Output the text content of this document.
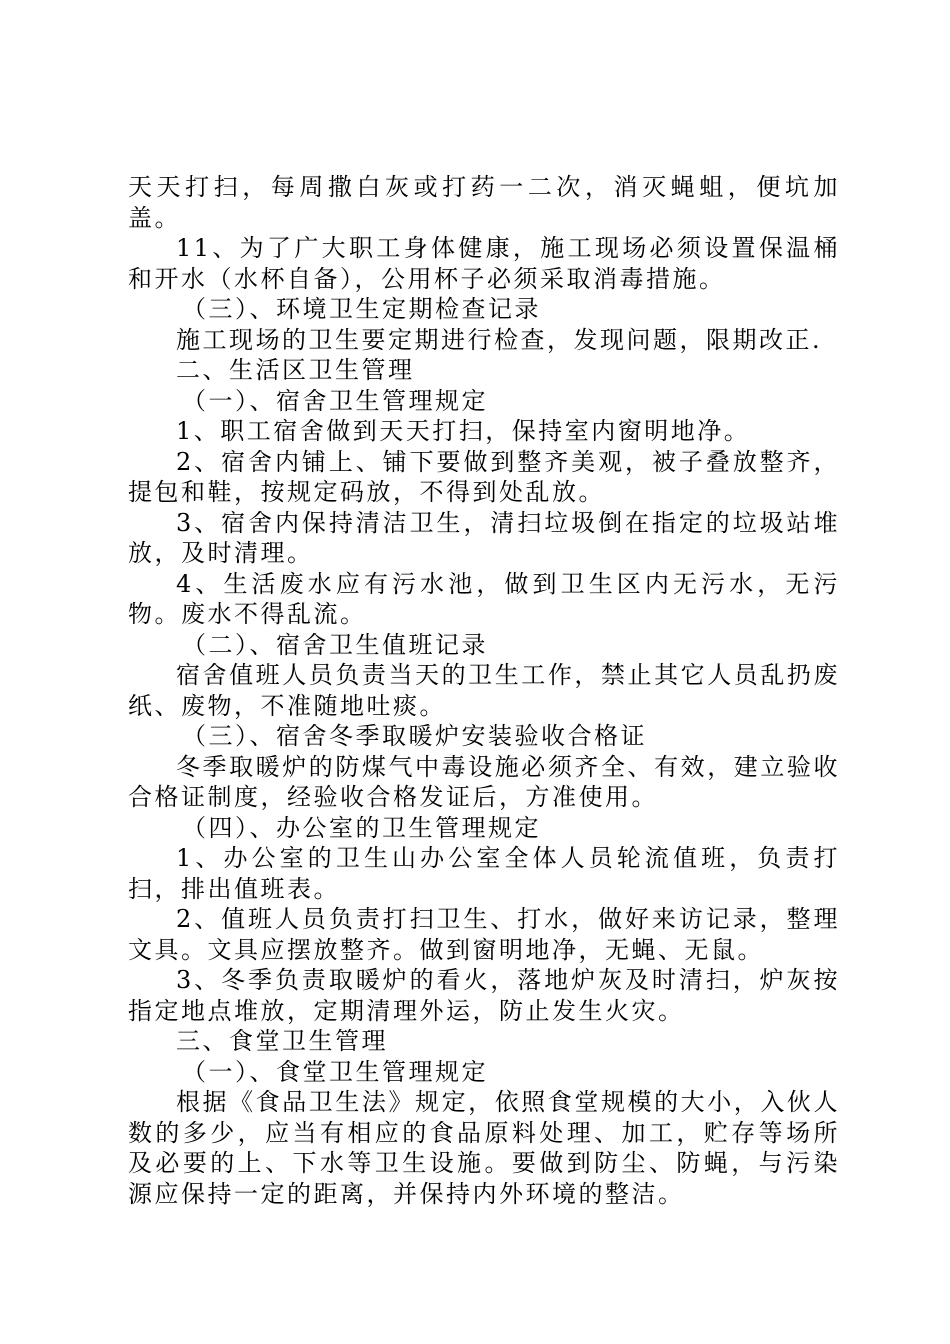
天天打扫，每周撒白灰或打药一二次，消灭蝇蛆，便坑加盖。

11、为了广大职工身体健康，施工现场必须设置保温桶和开水（水杯自备），公用杯子必须采取消毒措施。

（三）、环境卫生定期检查记录

施工现场的卫生要定期进行检查，发现问题，限期改正.

二、生活区卫生管理

（一）、宿舍卫生管理规定

1、职工宿舍做到天天打扫，保持室内窗明地净。

2、宿舍内铺上、铺下要做到整齐美观，被子叠放整齐，提包和鞋，按规定码放，不得到处乱放。

3、宿舍内保持清洁卫生，清扫垃圾倒在指定的垃圾站堆放，及时清理。

4、生活废水应有污水池，做到卫生区内无污水，无污物。废水不得乱流。

（二）、宿舍卫生值班记录

宿舍值班人员负责当天的卫生工作，禁止其它人员乱扔废纸、废物，不准随地吐痰。

（三）、宿舍冬季取暖炉安装验收合格证

冬季取暖炉的防煤气中毒设施必须齐全、有效，建立验收合格证制度，经验收合格发证后，方准使用。

（四）、办公室的卫生管理规定

1、办公室的卫生山办公室全体人员轮流值班，负责打扫，排出值班表。

2、值班人员负责打扫卫生、打水，做好来访记录，整理文具。文具应摆放整齐。做到窗明地净，无蝇、无鼠。

3、冬季负责取暖炉的看火，落地炉灰及时清扫，炉灰按指定地点堆放，定期清理外运，防止发生火灾。

三、食堂卫生管理

（一）、食堂卫生管理规定

根据《食品卫生法》规定，依照食堂规模的大小，入伙人数的多少，应当有相应的食品原料处理、加工，贮存等场所及必要的上、下水等卫生设施。要做到防尘、防蝇，与污染源应保持一定的距离，并保持内外环境的整洁。
